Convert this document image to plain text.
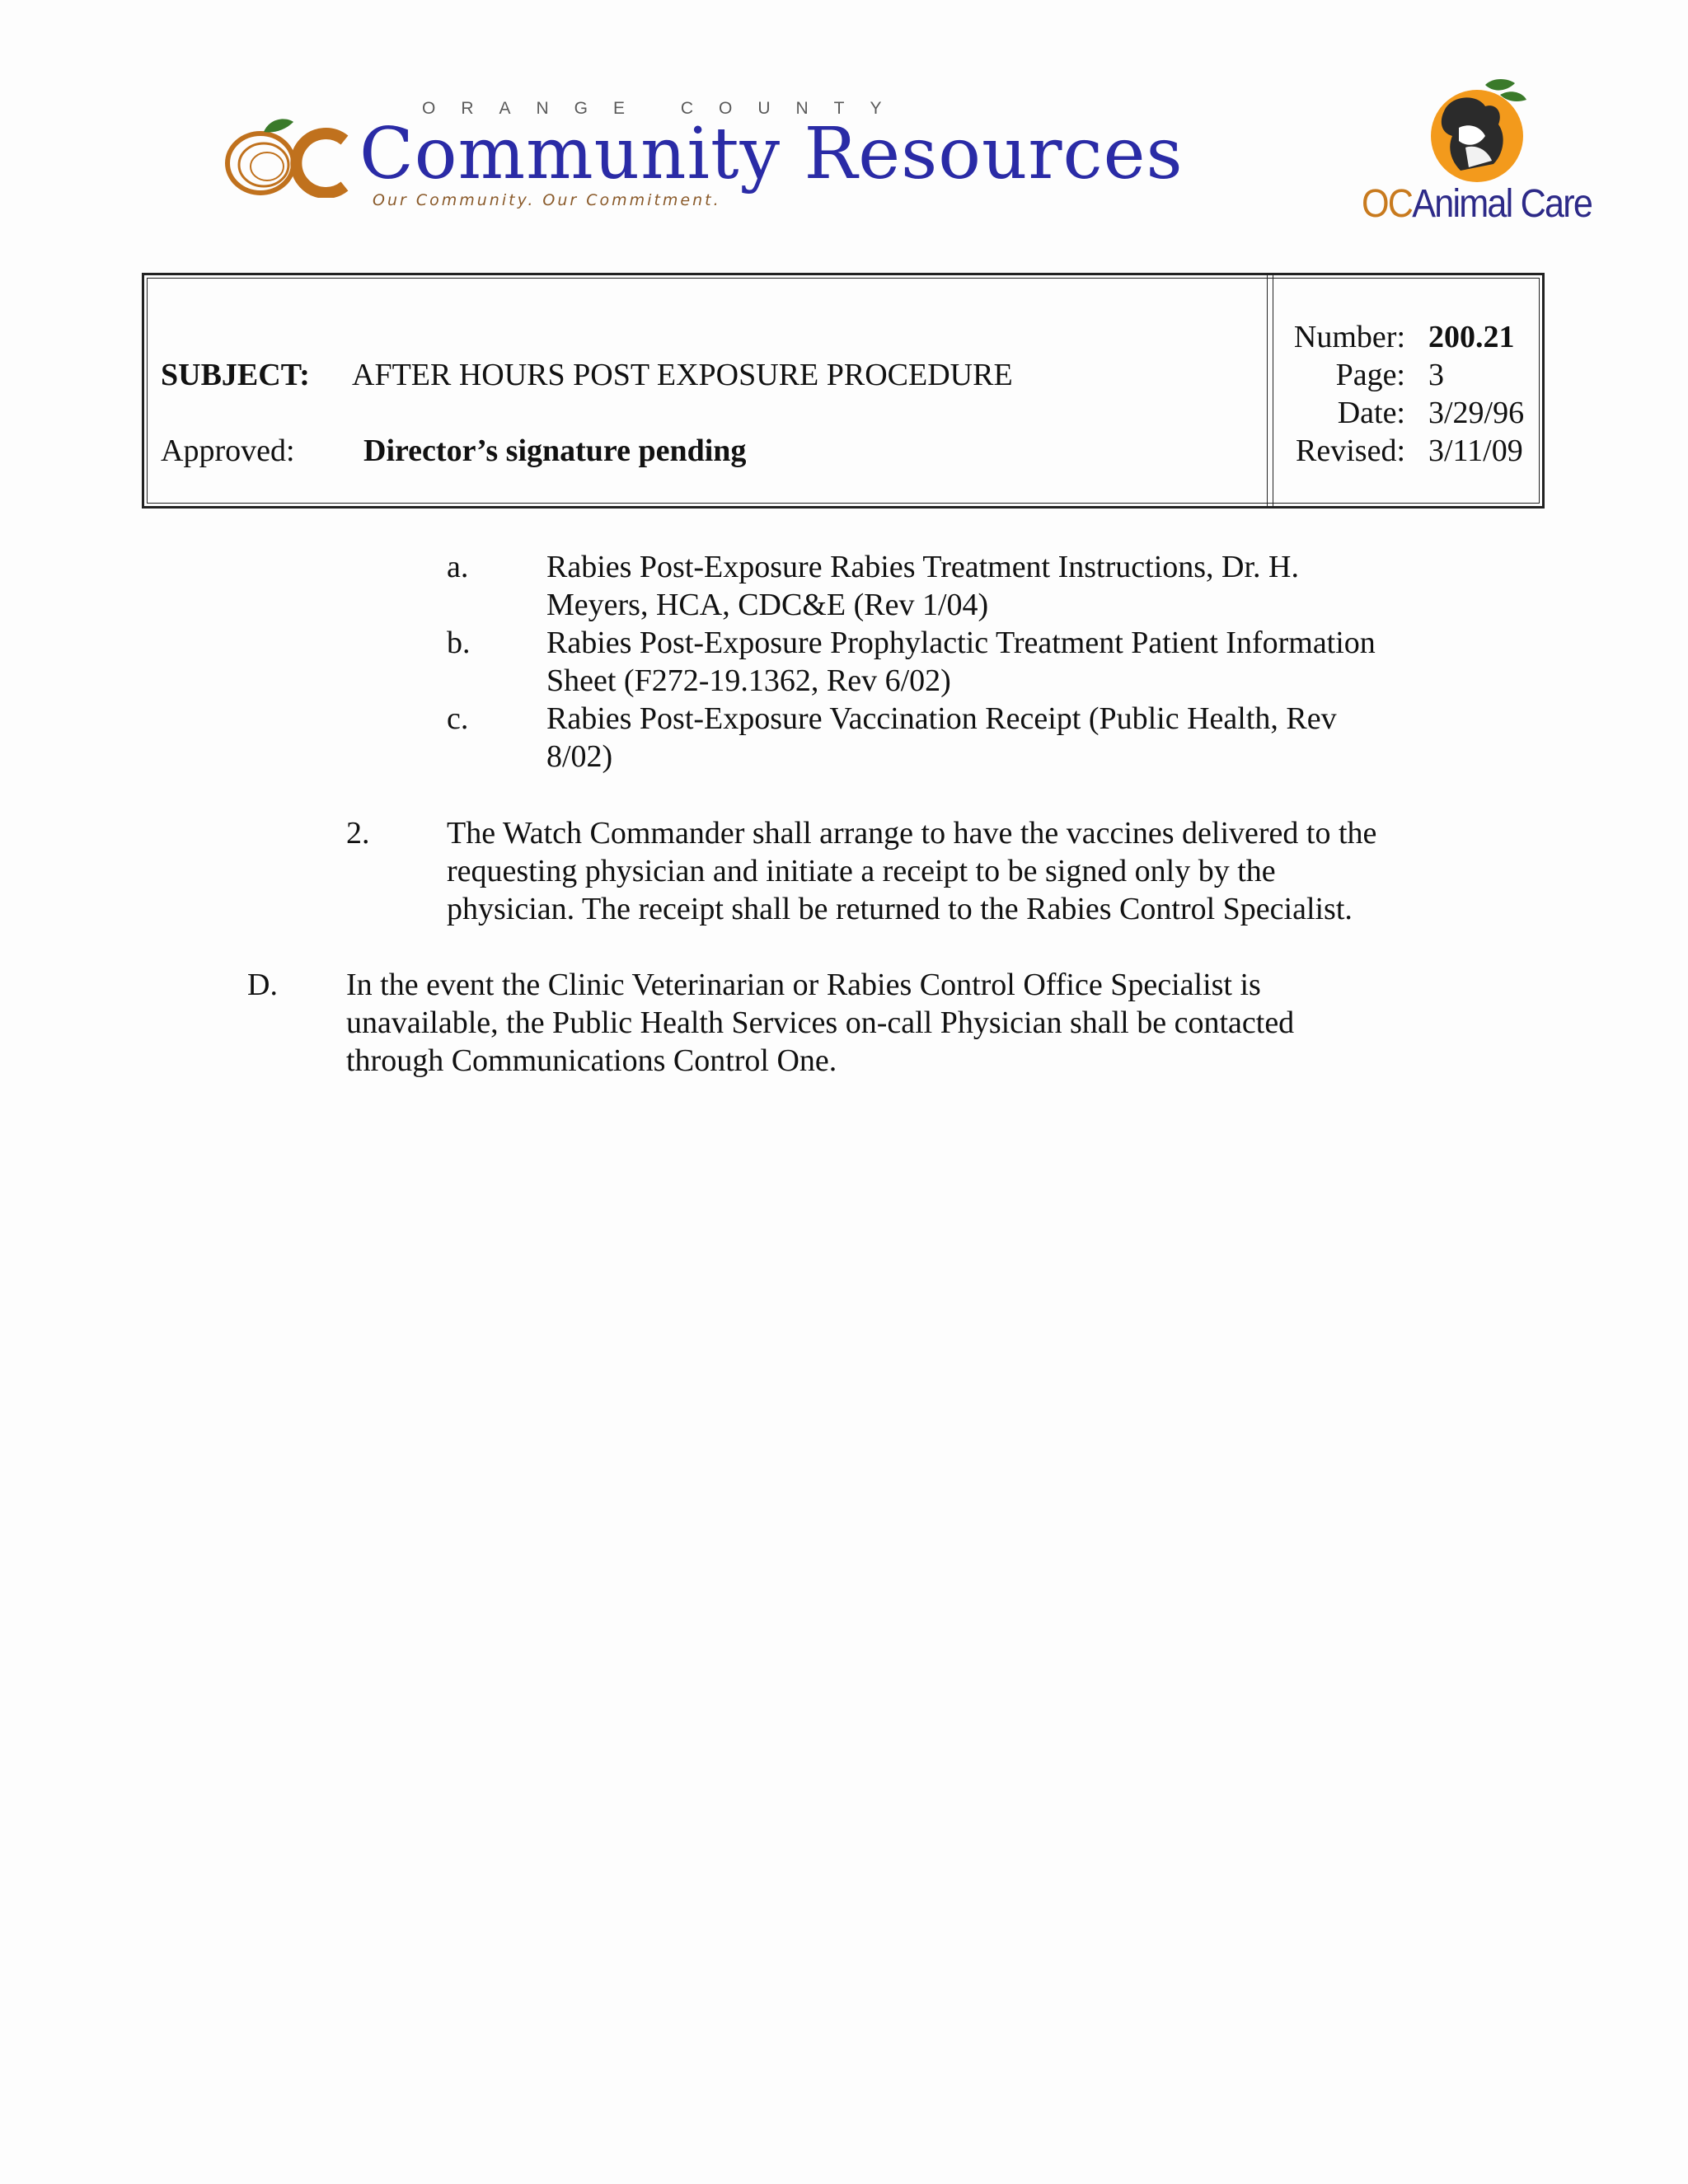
ORANGE COUNTY
Community Resources
Our Community. Our Commitment.	OCAnimal Care
SUBJECT: AFTER HOURS POST EXPOSURE PROCEDURE
Approved: Director’s signature pending
Number: 200.21
Page: 3
Date: 3/29/96
Revised: 3/11/09
a. Rabies Post-Exposure Rabies Treatment Instructions, Dr. H.
Meyers, HCA, CDC&E (Rev 1/04)
b. Rabies Post-Exposure Prophylactic Treatment Patient Information
Sheet (F272-19.1362, Rev 6/02)
c. Rabies Post-Exposure Vaccination Receipt (Public Health, Rev
8/02)
2. The Watch Commander shall arrange to have the vaccines delivered to the
requesting physician and initiate a receipt to be signed only by the
physician. The receipt shall be returned to the Rabies Control Specialist.
D. In the event the Clinic Veterinarian or Rabies Control Office Specialist is
unavailable, the Public Health Services on-call Physician shall be contacted
through Communications Control One.
